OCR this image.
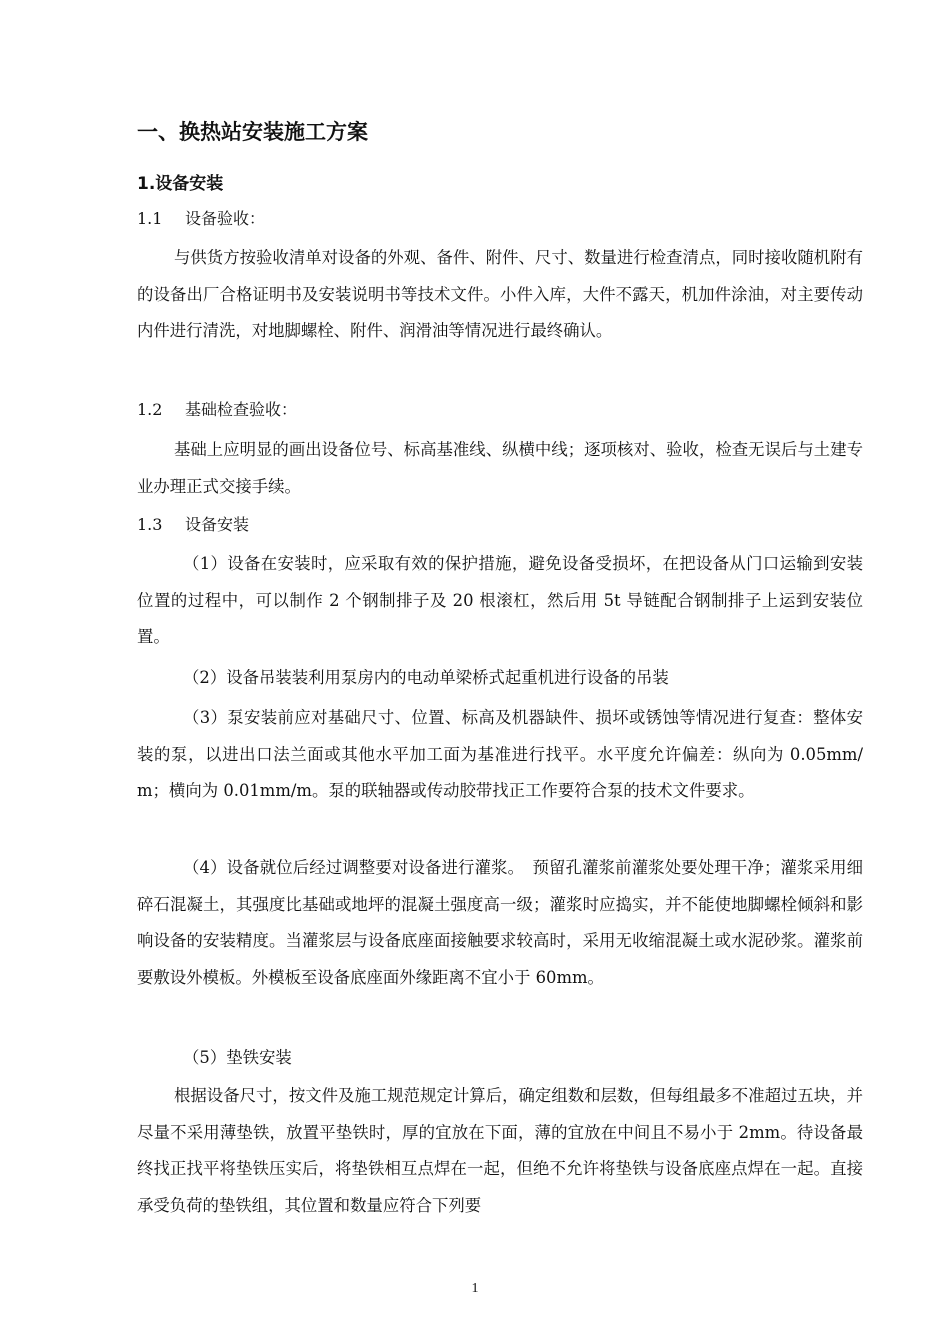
一、换热站安装施工方案
1.设备安装
1.1 设备验收：
与供货方按验收清单对设备的外观、备件、附件、尺寸、数量进行检查清点，同时接收随机附有的设备出厂合格证明书及安装说明书等技术文件。小件入库，大件不露天，机加件涂油，对主要传动内件进行清洗，对地脚螺栓、附件、润滑油等情况进行最终确认。
1.2 基础检查验收：
基础上应明显的画出设备位号、标高基准线、纵横中线；逐项核对、验收，检查无误后与土建专业办理正式交接手续。
1.3 设备安装
（1）设备在安装时，应采取有效的保护措施，避免设备受损坏，在把设备从门口运输到安装位置的过程中，可以制作 2 个钢制排子及 20 根滚杠，然后用 5t 导链配合钢制排子上运到安装位置。
（2）设备吊装装利用泵房内的电动单梁桥式起重机进行设备的吊装
（3）泵安装前应对基础尺寸、位置、标高及机器缺件、损坏或锈蚀等情况进行复查：整体安装的泵，以进出口法兰面或其他水平加工面为基准进行找平。水平度允许偏差：纵向为 0.05mm/m；横向为 0.01mm/m。泵的联轴器或传动胶带找正工作要符合泵的技术文件要求。
（4）设备就位后经过调整要对设备进行灌浆。　预留孔灌浆前灌浆处要处理干净；灌浆采用细碎石混凝土，其强度比基础或地坪的混凝土强度高一级；灌浆时应捣实，并不能使地脚螺栓倾斜和影响设备的安装精度。当灌浆层与设备底座面接触要求较高时，采用无收缩混凝土或水泥砂浆。灌浆前要敷设外模板。外模板至设备底座面外缘距离不宜小于 60mm。
（5）垫铁安装
根据设备尺寸，按文件及施工规范规定计算后，确定组数和层数，但每组最多不准超过五块，并尽量不采用薄垫铁，放置平垫铁时，厚的宜放在下面，薄的宜放在中间且不易小于 2mm。待设备最终找正找平将垫铁压实后，将垫铁相互点焊在一起，但绝不允许将垫铁与设备底座点焊在一起。直接承受负荷的垫铁组，其位置和数量应符合下列要
1
